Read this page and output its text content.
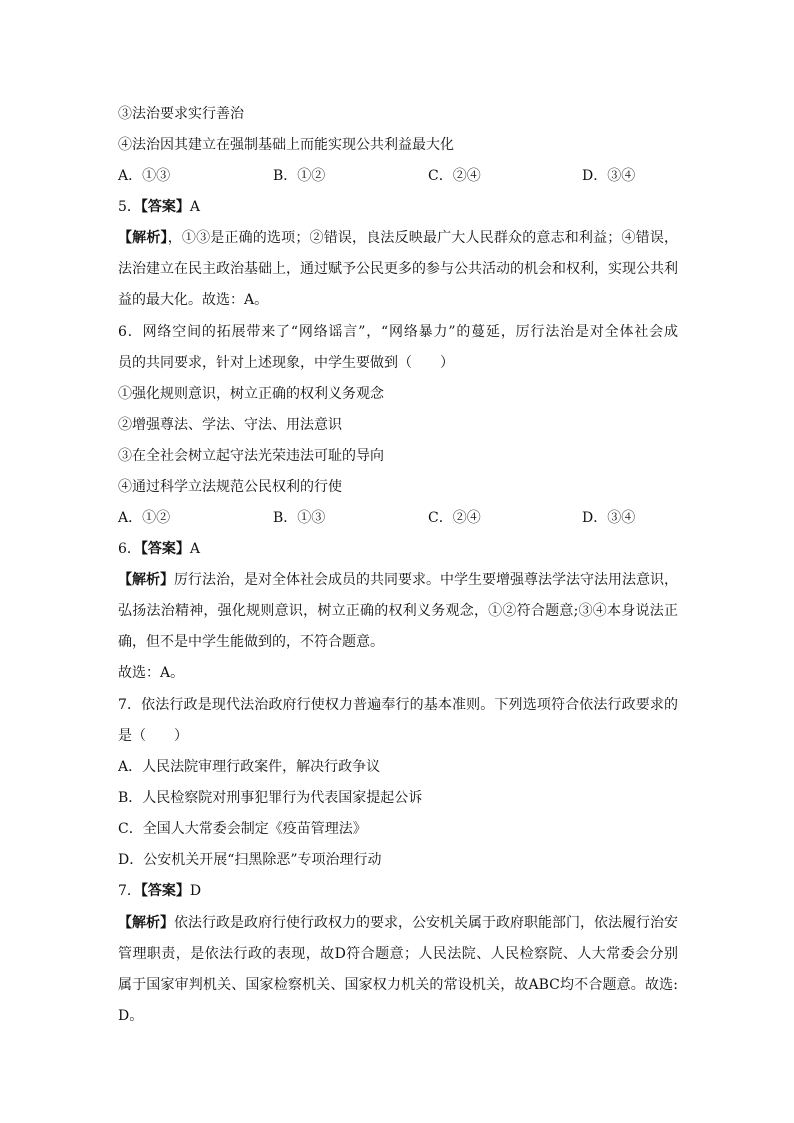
③法治要求实行善治
④法治因其建立在强制基础上而能实现公共利益最大化
A．①③	B．①②	C．②④	D．③④
5．【答案】A
【解析】，①③是正确的选项；②错误，良法反映最广大人民群众的意志和利益；④错误，
法治建立在民主政治基础上，通过赋予公民更多的参与公共活动的机会和权利，实现公共利
益的最大化。故选：A。
6．网络空间的拓展带来了“网络谣言”，“网络暴力”的蔓延，厉行法治是对全体社会成
员的共同要求，针对上述现象，中学生要做到（　　）
①强化规则意识，树立正确的权利义务观念
②增强尊法、学法、守法、用法意识
③在全社会树立起守法光荣违法可耻的导向
④通过科学立法规范公民权利的行使
A．①②	B．①③	C．②④	D．③④
6．【答案】A
【解析】厉行法治，是对全体社会成员的共同要求。中学生要增强尊法学法守法用法意识，
弘扬法治精神，强化规则意识，树立正确的权利义务观念，①②符合题意;③④本身说法正
确，但不是中学生能做到的，不符合题意。
故选：A。
7．依法行政是现代法治政府行使权力普遍奉行的基本准则。下列选项符合依法行政要求的
是（　　）
A．人民法院审理行政案件，解决行政争议
B．人民检察院对刑事犯罪行为代表国家提起公诉
C．全国人大常委会制定《疫苗管理法》
D．公安机关开展“扫黑除恶”专项治理行动
7．【答案】D
【解析】依法行政是政府行使行政权力的要求，公安机关属于政府职能部门，依法履行治安
管理职责，是依法行政的表现，故D符合题意；人民法院、人民检察院、人大常委会分别
属于国家审判机关、国家检察机关、国家权力机关的常设机关，故ABC均不合题意。故选:
D。
